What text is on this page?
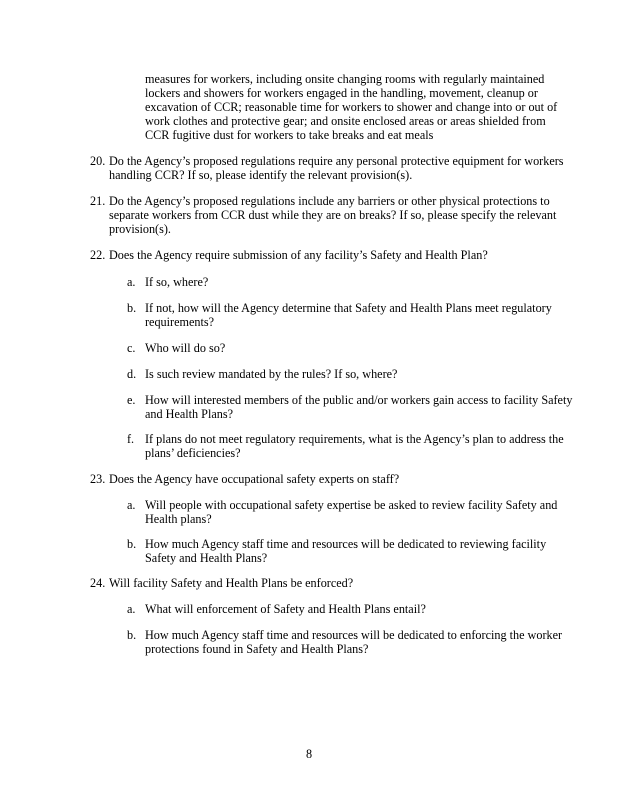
measures for workers, including onsite changing rooms with regularly maintained lockers and showers for workers engaged in the handling, movement, cleanup or excavation of CCR; reasonable time for workers to shower and change into or out of work clothes and protective gear; and onsite enclosed areas or areas shielded from CCR fugitive dust for workers to take breaks and eat meals
20. Do the Agency’s proposed regulations require any personal protective equipment for workers handling CCR? If so, please identify the relevant provision(s).
21. Do the Agency’s proposed regulations include any barriers or other physical protections to separate workers from CCR dust while they are on breaks? If so, please specify the relevant provision(s).
22. Does the Agency require submission of any facility’s Safety and Health Plan?
a. If so, where?
b. If not, how will the Agency determine that Safety and Health Plans meet regulatory requirements?
c. Who will do so?
d. Is such review mandated by the rules? If so, where?
e. How will interested members of the public and/or workers gain access to facility Safety and Health Plans?
f. If plans do not meet regulatory requirements, what is the Agency’s plan to address the plans’ deficiencies?
23. Does the Agency have occupational safety experts on staff?
a. Will people with occupational safety expertise be asked to review facility Safety and Health plans?
b. How much Agency staff time and resources will be dedicated to reviewing facility Safety and Health Plans?
24. Will facility Safety and Health Plans be enforced?
a. What will enforcement of Safety and Health Plans entail?
b. How much Agency staff time and resources will be dedicated to enforcing the worker protections found in Safety and Health Plans?
8
